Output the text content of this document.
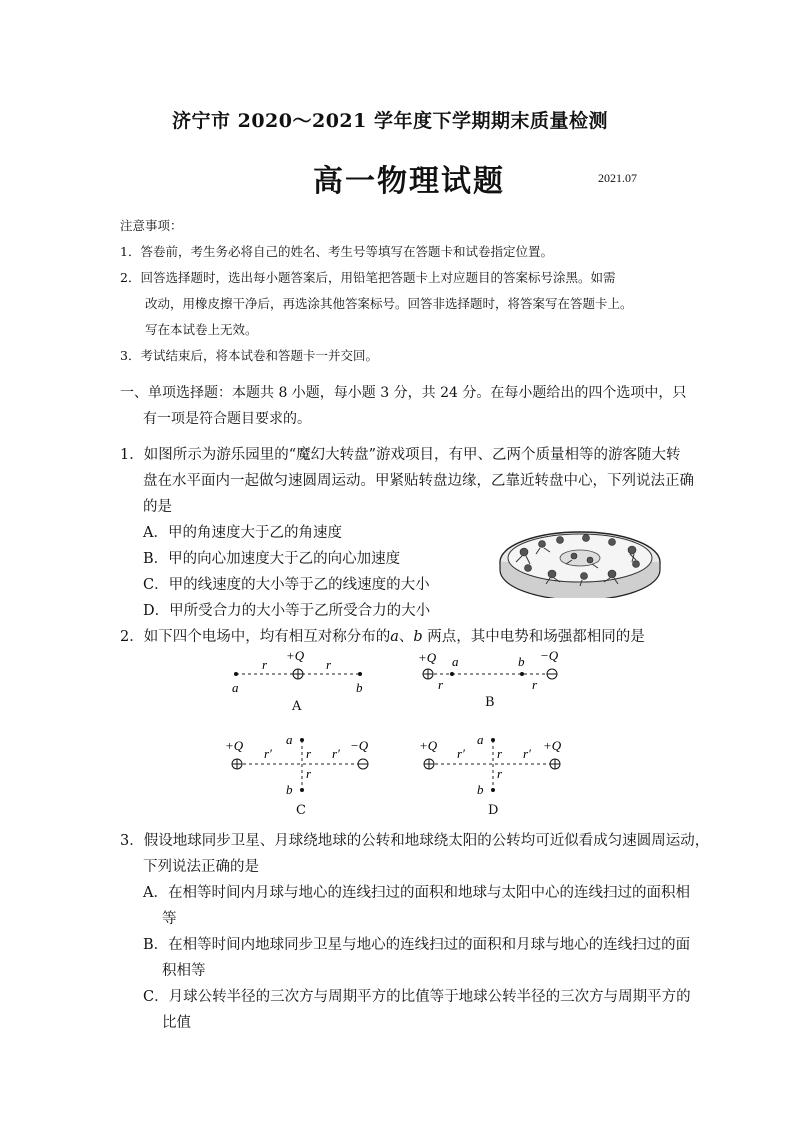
济宁市 2020～2021 学年度下学期期末质量检测
高一物理试题	2021.07
注意事项：
1．答卷前，考生务必将自己的姓名、考生号等填写在答题卡和试卷指定位置。
2．回答选择题时，选出每小题答案后，用铅笔把答题卡上对应题目的答案标号涂黑。如需
改动，用橡皮擦干净后，再选涂其他答案标号。回答非选择题时，将答案写在答题卡上。
写在本试卷上无效。
3．考试结束后，将本试卷和答题卡一并交回。
一、单项选择题：本题共 8 小题，每小题 3 分，共 24 分。在每小题给出的四个选项中，只
有一项是符合题目要求的。
1．如图所示为游乐园里的“魔幻大转盘”游戏项目，有甲、乙两个质量相等的游客随大转
盘在水平面内一起做匀速圆周运动。甲紧贴转盘边缘，乙靠近转盘中心，下列说法正确
的是
A．甲的角速度大于乙的角速度
B．甲的向心加速度大于乙的向心加速度
C．甲的线速度的大小等于乙的线速度的大小
D．甲所受合力的大小等于乙所受合力的大小
2．如下四个电场中，均有相互对称分布的a、b 两点，其中电势和场强都相同的是
+Q
r	r
a	b
A
+Q	−Q
a	b
r	r
B
+Q	−Q
a
b
r′	r′
r
r
C
+Q	+Q
a
b
r′	r′
r
r
D
3．假设地球同步卫星、月球绕地球的公转和地球绕太阳的公转均可近似看成匀速圆周运动，
下列说法正确的是
A．在相等时间内月球与地心的连线扫过的面积和地球与太阳中心的连线扫过的面积相
等
B．在相等时间内地球同步卫星与地心的连线扫过的面积和月球与地心的连线扫过的面
积相等
C．月球公转半径的三次方与周期平方的比值等于地球公转半径的三次方与周期平方的
比值
